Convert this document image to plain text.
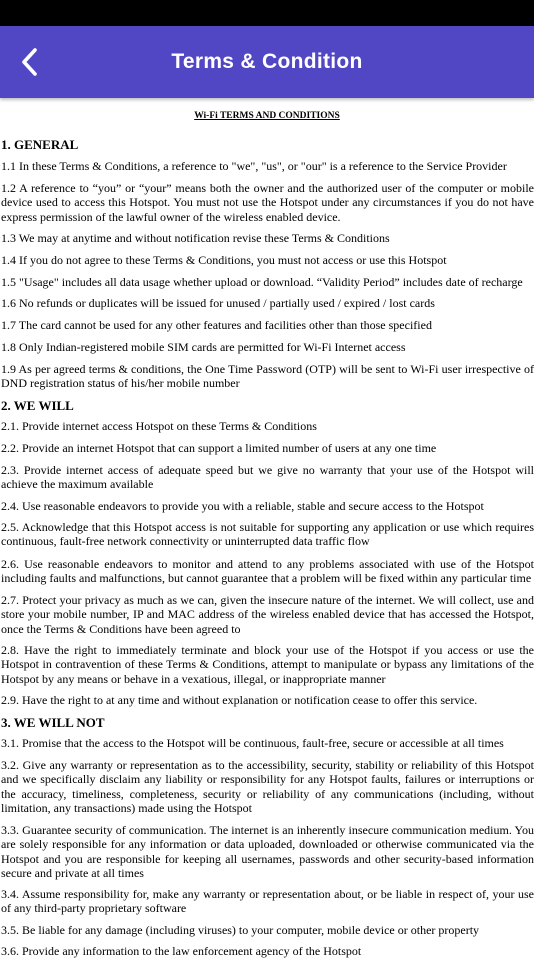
Terms & Condition
Wi-Fi TERMS AND CONDITIONS
1. GENERAL

1.1 In these Terms & Conditions, a reference to "we", "us", or "our" is a reference to the Service Provider

1.2 A reference to “you” or “your” means both the owner and the authorized user of the computer or mobile device used to access this Hotspot. You must not use the Hotspot under any circumstances if you do not have express permission of the lawful owner of the wireless enabled device.

1.3 We may at anytime and without notification revise these Terms & Conditions

1.4 If you do not agree to these Terms & Conditions, you must not access or use this Hotspot

1.5 "Usage" includes all data usage whether upload or download. “Validity Period” includes date of recharge

1.6 No refunds or duplicates will be issued for unused / partially used / expired / lost cards

1.7 The card cannot be used for any other features and facilities other than those specified

1.8 Only Indian-registered mobile SIM cards are permitted for Wi-Fi Internet access

1.9 As per agreed terms & conditions, the One Time Password (OTP) will be sent to Wi-Fi user irrespective of DND registration status of his/her mobile number

2. WE WILL

2.1. Provide internet access Hotspot on these Terms & Conditions

2.2. Provide an internet Hotspot that can support a limited number of users at any one time

2.3. Provide internet access of adequate speed but we give no warranty that your use of the Hotspot will achieve the maximum available

2.4. Use reasonable endeavors to provide you with a reliable, stable and secure access to the Hotspot

2.5. Acknowledge that this Hotspot access is not suitable for supporting any application or use which requires continuous, fault-free network connectivity or uninterrupted data traffic flow

2.6. Use reasonable endeavors to monitor and attend to any problems associated with use of the Hotspot including faults and malfunctions, but cannot guarantee that a problem will be fixed within any particular time

2.7. Protect your privacy as much as we can, given the insecure nature of the internet. We will collect, use and store your mobile number, IP and MAC address of the wireless enabled device that has accessed the Hotspot, once the Terms & Conditions have been agreed to

2.8. Have the right to immediately terminate and block your use of the Hotspot if you access or use the Hotspot in contravention of these Terms & Conditions, attempt to manipulate or bypass any limitations of the Hotspot by any means or behave in a vexatious, illegal, or inappropriate manner

2.9. Have the right to at any time and without explanation or notification cease to offer this service.

3. WE WILL NOT

3.1. Promise that the access to the Hotspot will be continuous, fault-free, secure or accessible at all times

3.2. Give any warranty or representation as to the accessibility, security, stability or reliability of this Hotspot and we specifically disclaim any liability or responsibility for any Hotspot faults, failures or interruptions or the accuracy, timeliness, completeness, security or reliability of any communications (including, without limitation, any transactions) made using the Hotspot

3.3. Guarantee security of communication. The internet is an inherently insecure communication medium. You are solely responsible for any information or data uploaded, downloaded or otherwise communicated via the Hotspot and you are responsible for keeping all usernames, passwords and other security-based information secure and private at all times

3.4. Assume responsibility for, make any warranty or representation about, or be liable in respect of, your use of any third-party proprietary software

3.5. Be liable for any damage (including viruses) to your computer, mobile device or other property

3.6. Provide any information to the law enforcement agency of the Hotspot
